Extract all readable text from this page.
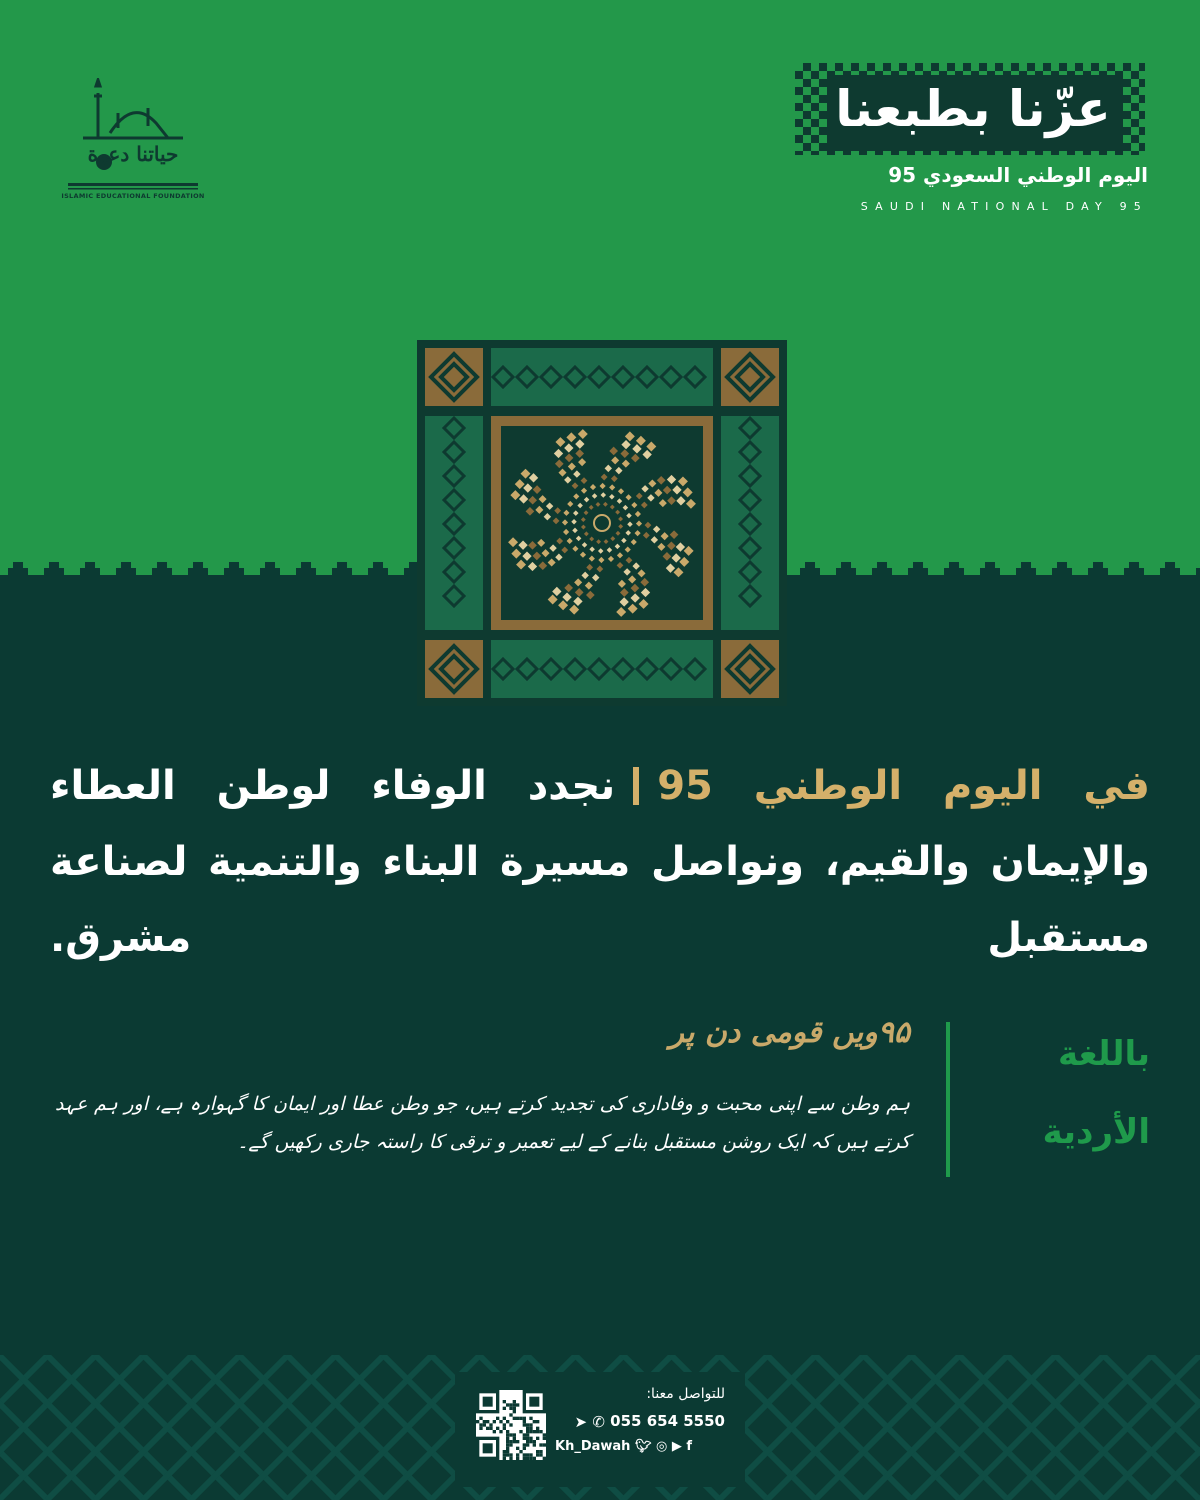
حياتنا دعوة
ISLAMIC EDUCATIONAL FOUNDATION
عزّنا بطبعنا
اليوم الوطني السعودي 95
SAUDI NATIONAL DAY 95
في اليوم الوطني 95نجدد الوفاء لوطن العطاء والإيمان والقيم، ونواصل مسيرة البناء والتنمية لصناعة مستقبل مشرق.
باللغة الأردية
۹۵ویں قومی دن پر
ہم وطن سے اپنی محبت و وفاداری کی تجدید کرتے ہیں، جو وطن عطا اور ایمان کا گہوارہ ہے، اور ہم عہد کرتے ہیں کہ ایک روشن مستقبل بنانے کے لیے تعمیر و ترقی کا راستہ جاری رکھیں گے۔
للتواصل معنا:
➤ ✆ 055 654 5550
Kh_Dawah 🐦︎ ◎ ▶ f
